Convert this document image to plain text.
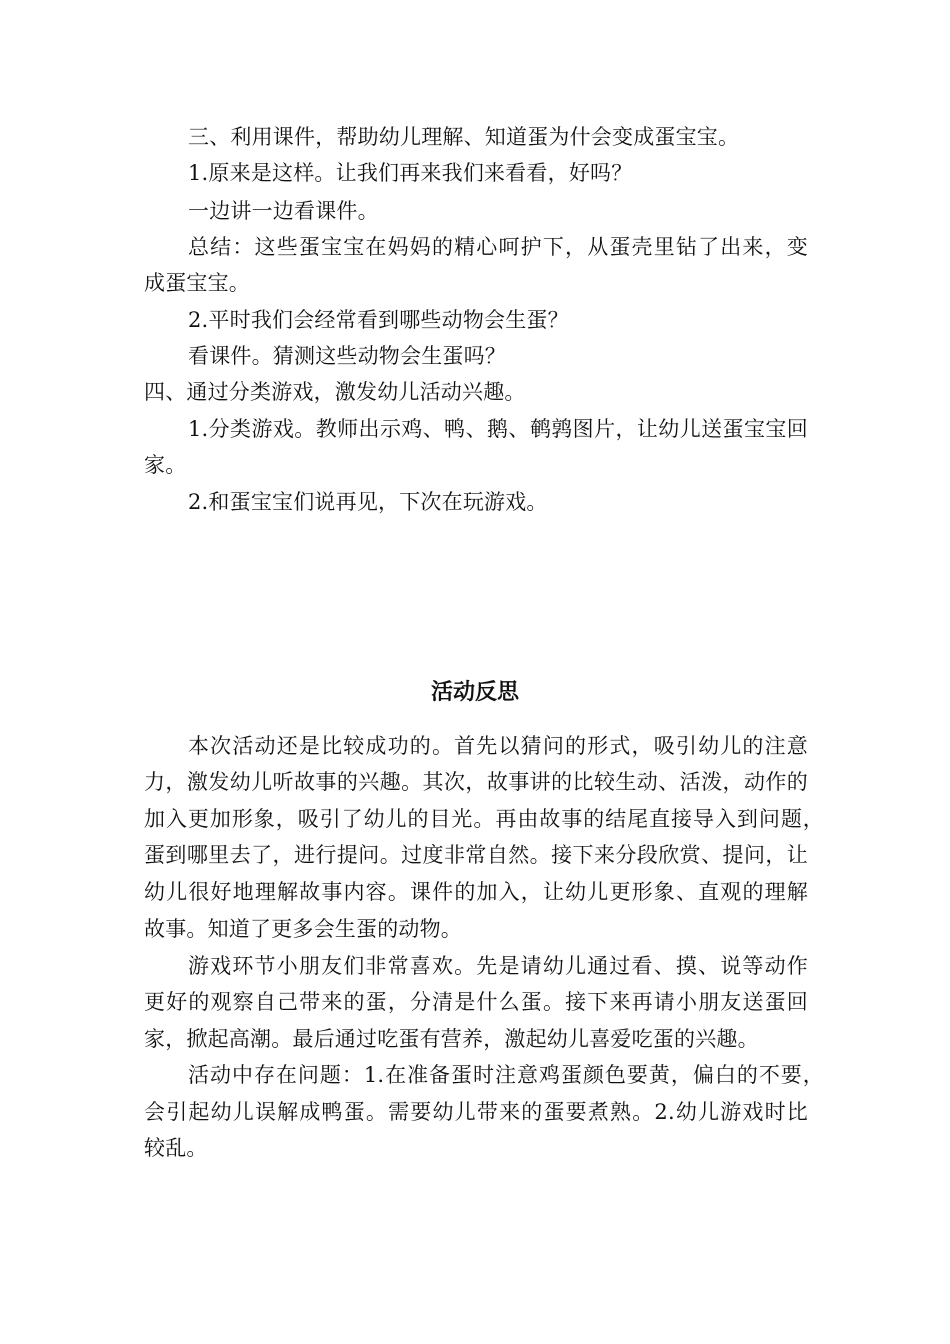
三、利用课件，帮助幼儿理解、知道蛋为什会变成蛋宝宝。
1.原来是这样。让我们再来我们来看看，好吗？
一边讲一边看课件。
总结：这些蛋宝宝在妈妈的精心呵护下，从蛋壳里钻了出来，变
成蛋宝宝。
2.平时我们会经常看到哪些动物会生蛋？
看课件。猜测这些动物会生蛋吗？
四、通过分类游戏，激发幼儿活动兴趣。
1.分类游戏。教师出示鸡、鸭、鹅、鹌鹑图片，让幼儿送蛋宝宝回
家。
2.和蛋宝宝们说再见，下次在玩游戏。
活动反思
本次活动还是比较成功的。首先以猜问的形式，吸引幼儿的注意
力，激发幼儿听故事的兴趣。其次，故事讲的比较生动、活泼，动作的
加入更加形象，吸引了幼儿的目光。再由故事的结尾直接导入到问题，
蛋到哪里去了，进行提问。过度非常自然。接下来分段欣赏、提问，让
幼儿很好地理解故事内容。课件的加入，让幼儿更形象、直观的理解
故事。知道了更多会生蛋的动物。
游戏环节小朋友们非常喜欢。先是请幼儿通过看、摸、说等动作
更好的观察自己带来的蛋，分清是什么蛋。接下来再请小朋友送蛋回
家，掀起高潮。最后通过吃蛋有营养，激起幼儿喜爱吃蛋的兴趣。
活动中存在问题：1.在准备蛋时注意鸡蛋颜色要黄，偏白的不要，
会引起幼儿误解成鸭蛋。需要幼儿带来的蛋要煮熟。2.幼儿游戏时比
较乱。
